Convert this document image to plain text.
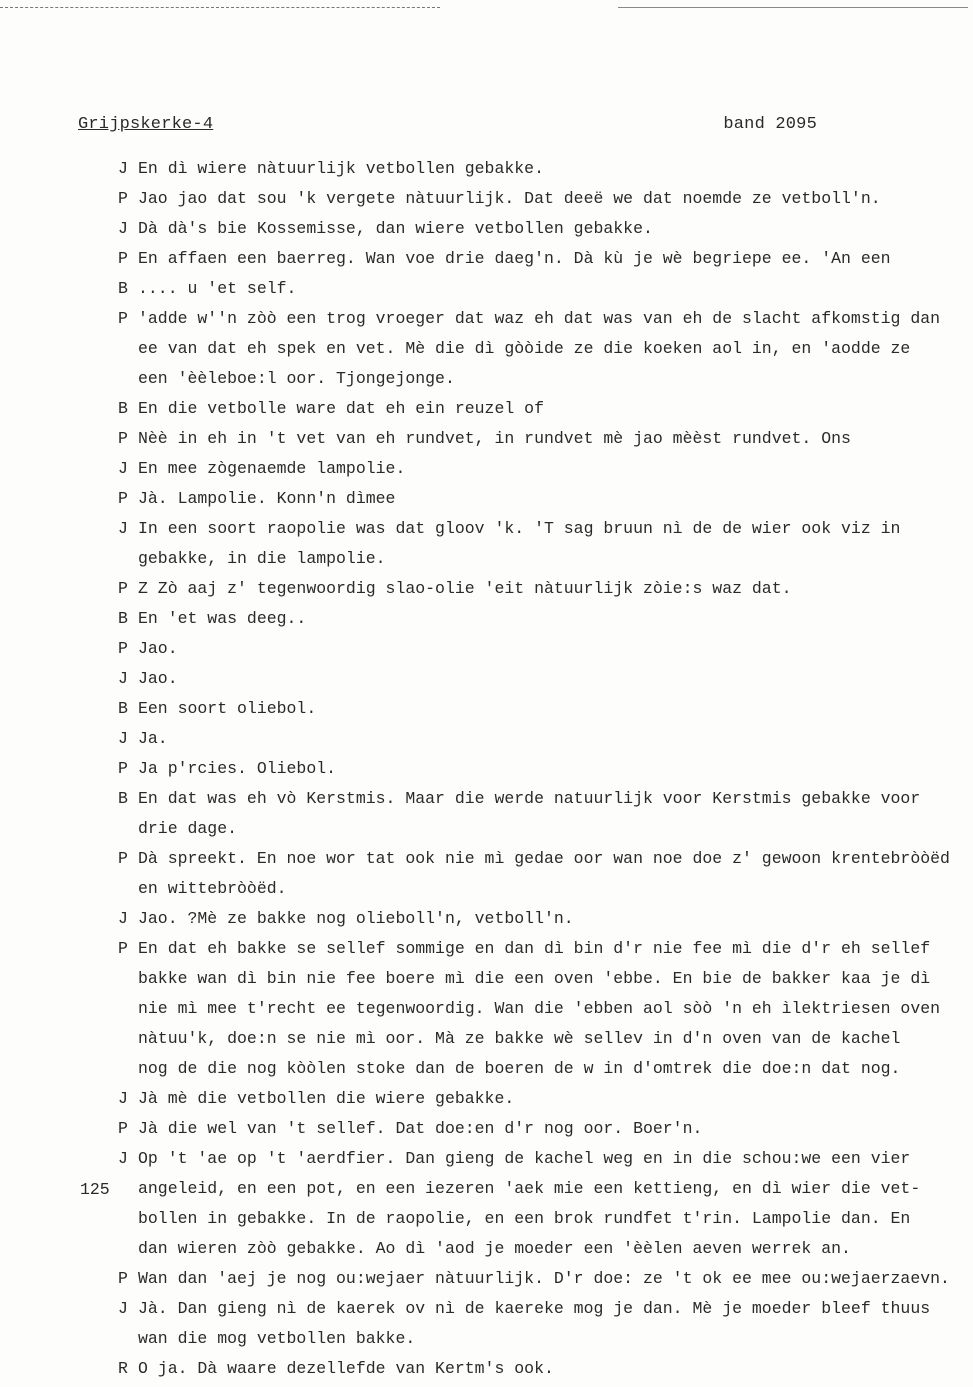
Grijpskerke-4	band 2095
125
J En dì wiere nàtuurlijk vetbollen gebakke.
P Jao jao dat sou 'k vergete nàtuurlijk. Dat deeë we dat noemde ze vetboll'n.
J Dà dà's bie Kossemisse, dan wiere vetbollen gebakke.
P En affaen een baerreg. Wan voe drie daeg'n. Dà kù je wè begriepe ee. 'An een
B .... u 'et self.
P 'adde w''n zòò een trog vroeger dat waz eh dat was van eh de slacht afkomstig dan
ee van dat eh spek en vet. Mè die dì gòòide ze die koeken aol in, en 'aodde ze
een 'èèleboe:l oor. Tjongejonge.
B En die vetbolle ware dat eh ein reuzel of
P Nèè in eh in 't vet van eh rundvet, in rundvet mè jao mèèst rundvet. Ons
J En mee zògenaemde lampolie.
P Jà. Lampolie. Konn'n dìmee
J In een soort raopolie was dat gloov 'k. 'T sag bruun nì de de wier ook viz in
gebakke, in die lampolie.
P Z Zò aaj z' tegenwoordig slao-olie 'eit nàtuurlijk zòie:s waz dat.
B En 'et was deeg..
P Jao.
J Jao.
B Een soort oliebol.
J Ja.
P Ja p'rcies. Oliebol.
B En dat was eh vò Kerstmis. Maar die werde natuurlijk voor Kerstmis gebakke voor
drie dage.
P Dà spreekt. En noe wor tat ook nie mì gedae oor wan noe doe z' gewoon krentebròòëd
en wittebròòëd.
J Jao. ?Mè ze bakke nog olieboll'n, vetboll'n.
P En dat eh bakke se sellef sommige en dan dì bin d'r nie fee mì die d'r eh sellef
bakke wan dì bin nie fee boere mì die een oven 'ebbe. En bie de bakker kaa je dì
nie mì mee t'recht ee tegenwoordig. Wan die 'ebben aol sòò 'n eh ìlektriesen oven
nàtuu'k, doe:n se nie mì oor. Mà ze bakke wè sellev in d'n oven van de kachel
nog de die nog kòòlen stoke dan de boeren de w in d'omtrek die doe:n dat nog.
J Jà mè die vetbollen die wiere gebakke.
P Jà die wel van 't sellef. Dat doe:en d'r nog oor. Boer'n.
J Op 't 'ae op 't 'aerdfier. Dan gieng de kachel weg en in die schou:we een vier
angeleid, en een pot, en een iezeren 'aek mie een kettieng, en dì wier die vet-
bollen in gebakke. In de raopolie, en een brok rundfet t'rin. Lampolie dan. En
dan wieren zòò gebakke. Ao dì 'aod je moeder een 'èèlen aeven werrek an.
P Wan dan 'aej je nog ou:wejaer nàtuurlijk. D'r doe: ze 't ok ee mee ou:wejaerzaevn.
J Jà. Dan gieng nì de kaerek ov nì de kaereke mog je dan. Mè je moeder bleef thuus
wan die mog vetbollen bakke.
R O ja. Dà waare dezellefde van Kertm's ook.
